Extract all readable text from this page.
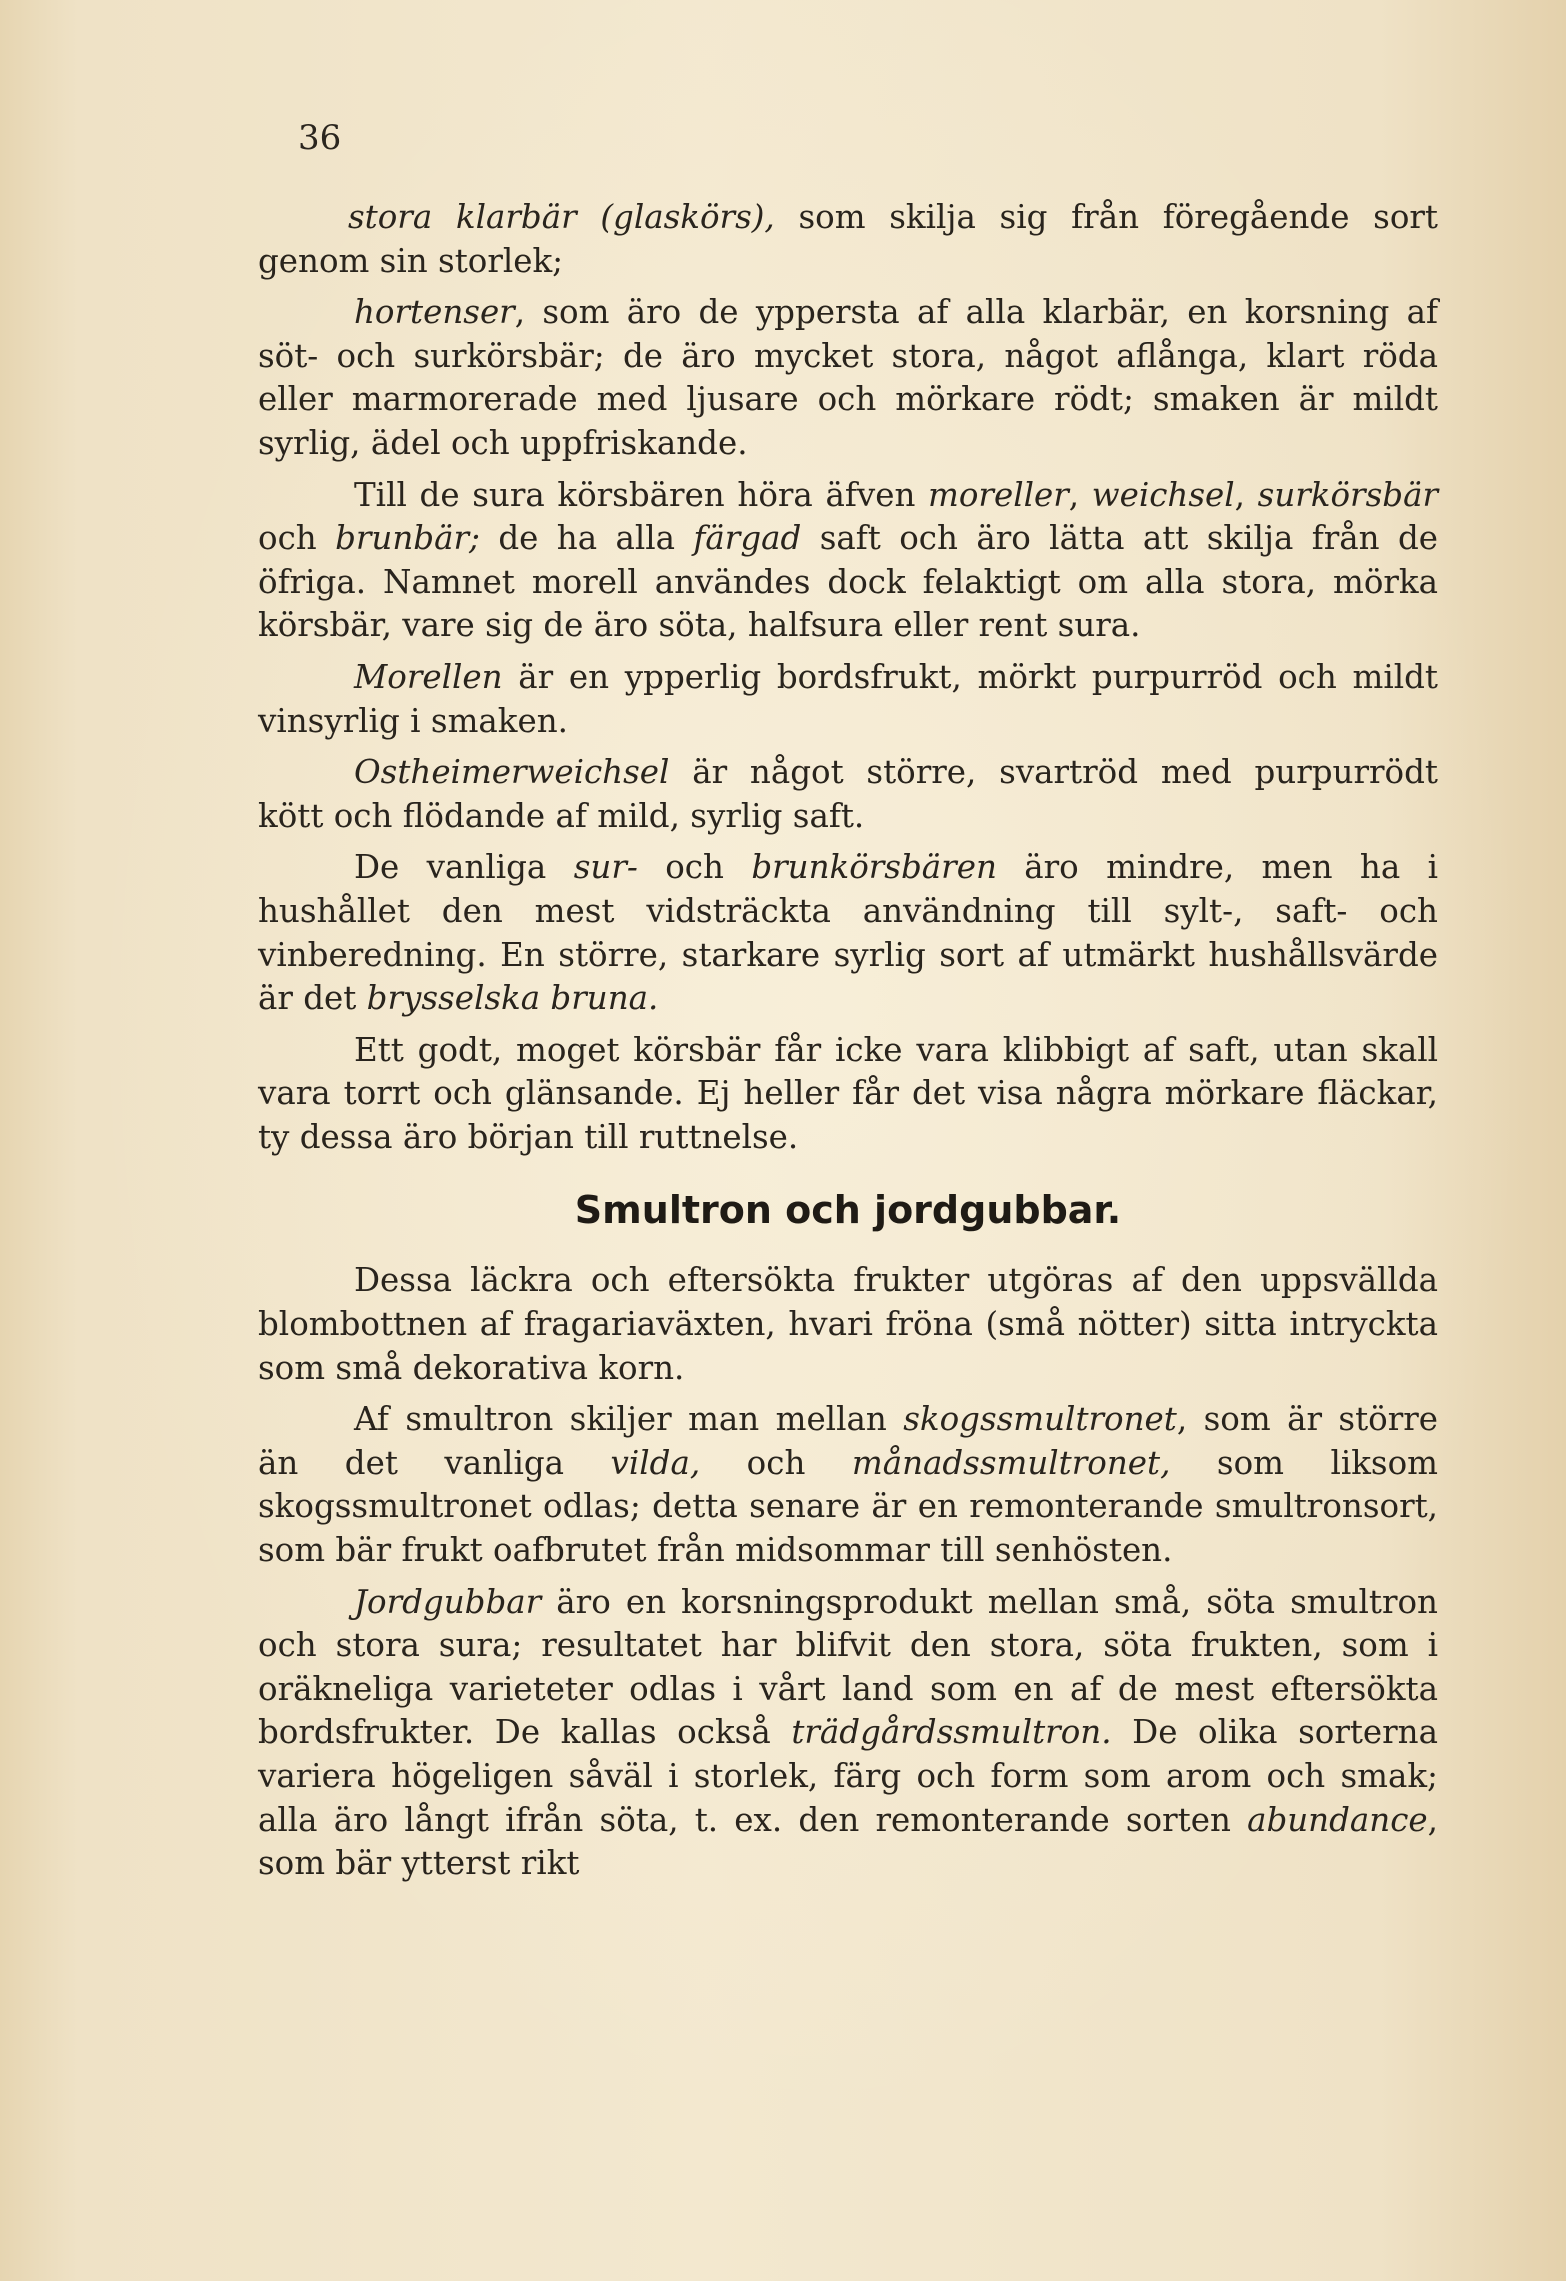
36

stora klarbär (glaskörs), som skilja sig från föregående sort genom sin storlek;

hortenser, som äro de yppersta af alla klarbär, en korsning af söt- och surkörsbär; de äro mycket stora, något aflånga, klart röda eller marmorerade med ljusare och mörkare rödt; smaken är mildt syrlig, ädel och uppfriskande.

Till de sura körsbären höra äfven moreller, weichsel, surkörsbär och brunbär; de ha alla färgad saft och äro lätta att skilja från de öfriga. Namnet morell användes dock felaktigt om alla stora, mörka körsbär, vare sig de äro söta, halfsura eller rent sura.

Morellen är en ypperlig bordsfrukt, mörkt purpurröd och mildt vinsyrlig i smaken.

Ostheimerweichsel är något större, svartröd med purpurrödt kött och flödande af mild, syrlig saft.

De vanliga sur- och brunkörsbären äro mindre, men ha i hushållet den mest vidsträckta användning till sylt-, saft- och vinberedning. En större, starkare syrlig sort af utmärkt hushållsvärde är det brysselska bruna.

Ett godt, moget körsbär får icke vara klibbigt af saft, utan skall vara torrt och glänsande. Ej heller får det visa några mörkare fläckar, ty dessa äro början till ruttnelse.

Smultron och jordgubbar.

Dessa läckra och eftersökta frukter utgöras af den uppsvällda blombottnen af fragariaväxten, hvari fröna (små nötter) sitta intryckta som små dekorativa korn.

Af smultron skiljer man mellan skogssmultronet, som är större än det vanliga vilda, och månadssmultronet, som liksom skogssmultronet odlas; detta senare är en remonterande smultronsort, som bär frukt oafbrutet från midsommar till senhösten.

Jordgubbar äro en korsningsprodukt mellan små, söta smultron och stora sura; resultatet har blifvit den stora, söta frukten, som i oräkneliga varieteter odlas i vårt land som en af de mest eftersökta bordsfrukter. De kallas också trädgårdssmultron. De olika sorterna variera högeligen såväl i storlek, färg och form som arom och smak; alla äro långt ifrån söta, t. ex. den remonterande sorten abundance, som bär ytterst rikt
